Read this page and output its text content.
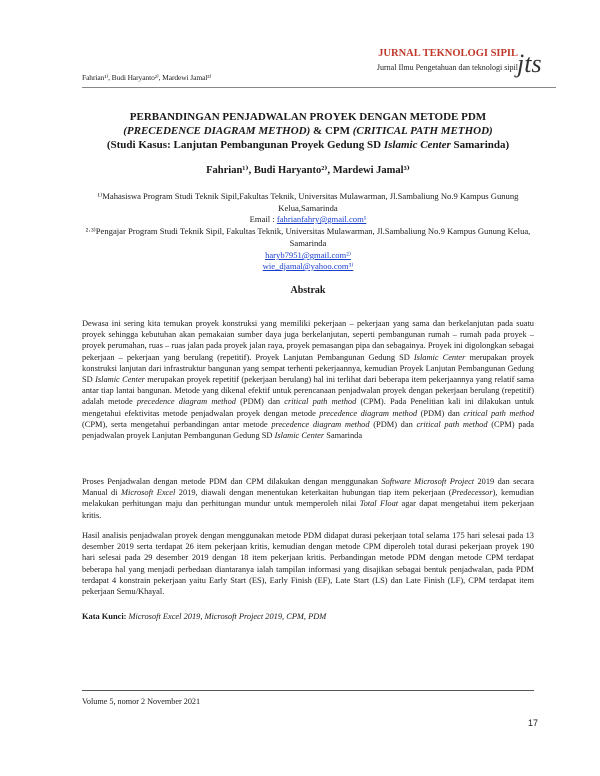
Fahrian¹⁾, Budi Haryanto²⁾, Mardewi Jamal³⁾
JURNAL TEKNOLOGI SIPIL
Jurnal Ilmu Pengetahuan dan teknologi sipil jts
PERBANDINGAN PENJADWALAN PROYEK DENGAN METODE PDM
(PRECEDENCE DIAGRAM METHOD) & CPM (CRITICAL PATH METHOD)
(Studi Kasus: Lanjutan Pembangunan Proyek Gedung SD Islamic Center Samarinda)
Fahrian¹⁾, Budi Haryanto²⁾, Mardewi Jamal³⁾
¹⁾Mahasiswa Program Studi Teknik Sipil,Fakultas Teknik, Universitas Mulawarman, Jl.Sambaliung No.9 Kampus Gunung Kelua,Samarinda
Email : fahrianfahry@gmail.com¹
²·³⁾Pengajar Program Studi Teknik Sipil, Fakultas Teknik, Universitas Mulawarman, Jl.Sambaliung No.9 Kampus Gunung Kelua, Samarinda
haryb7951@gmail.com²⁾
wie_djamal@yahoo.com³⁾
Abstrak
Dewasa ini sering kita temukan proyek konstruksi yang memiliki pekerjaan – pekerjaan yang sama dan berkelanjutan pada suatu proyek sehingga kebutuhan akan pemakaian sumber daya juga berkelanjutan, seperti pembangunan rumah – rumah pada proyek – proyek perumahan, ruas – ruas jalan pada proyek jalan raya, proyek pemasangan pipa dan sebagainya. Proyek ini digolongkan sebagai pekerjaan – pekerjaan yang berulang (repetitif). Proyek Lanjutan Pembangunan Gedung SD Islamic Center merupakan proyek konstruksi lanjutan dari infrastruktur bangunan yang sempat terhenti pekerjaannya, kemudian Proyek Lanjutan Pembangunan Gedung SD Islamic Center merupakan proyek repetitif (pekerjaan berulang) hal ini terlihat dari beberapa item pekerjaannya yang relatif sama antar tiap lantai bangunan. Metode yang dikenal efektif untuk perencanaan penjadwalan proyek dengan pekerjaan berulang (repetitif) adalah metode precedence diagram method (PDM) dan critical path method (CPM). Pada Penelitian kali ini dilakukan untuk mengetahui efektivitas metode penjadwalan proyek dengan metode precedence diagram method (PDM) dan critical path method (CPM), serta mengetahui perbandingan antar metode precedence diagram method (PDM) dan critical path method (CPM) pada penjadwalan proyek Lanjutan Pembangunan Gedung SD Islamic Center Samarinda
Proses Penjadwalan dengan metode PDM dan CPM dilakukan dengan menggunakan Software Microsoft Project 2019 dan secara Manual di Microsoft Excel 2019, diawali dengan menentukan keterkaitan hubungan tiap item pekerjaan (Predecessor), kemudian melakukan perhitungan maju dan perhitungan mundur untuk memperoleh nilai Total Float agar dapat mengetahui item pekerjaan kritis.
Hasil analisis penjadwalan proyek dengan menggunakan metode PDM didapat durasi pekerjaan total selama 175 hari selesai pada 13 desember 2019 serta terdapat 26 item pekerjaan kritis, kemudian dengan metode CPM diperoleh total durasi pekerjaan proyek 190 hari selesai pada 29 desember 2019 dengan 18 item pekerjaan kritis. Perbandingan metode PDM dengan metode CPM terdapat beberapa hal yang menjadi perbedaan diantaranya ialah tampilan informasi yang disajikan sebagai bentuk penjadwalan, pada PDM terdapat 4 konstrain pekerjaan yaitu Early Start (ES), Early Finish (EF), Late Start (LS) dan Late Finish (LF), CPM terdapat item pekerjaan Semu/Khayal.
Kata Kunci: Microsoft Excel 2019, Microsoft Project 2019, CPM, PDM
Volume 5, nomor 2 November 2021
17
